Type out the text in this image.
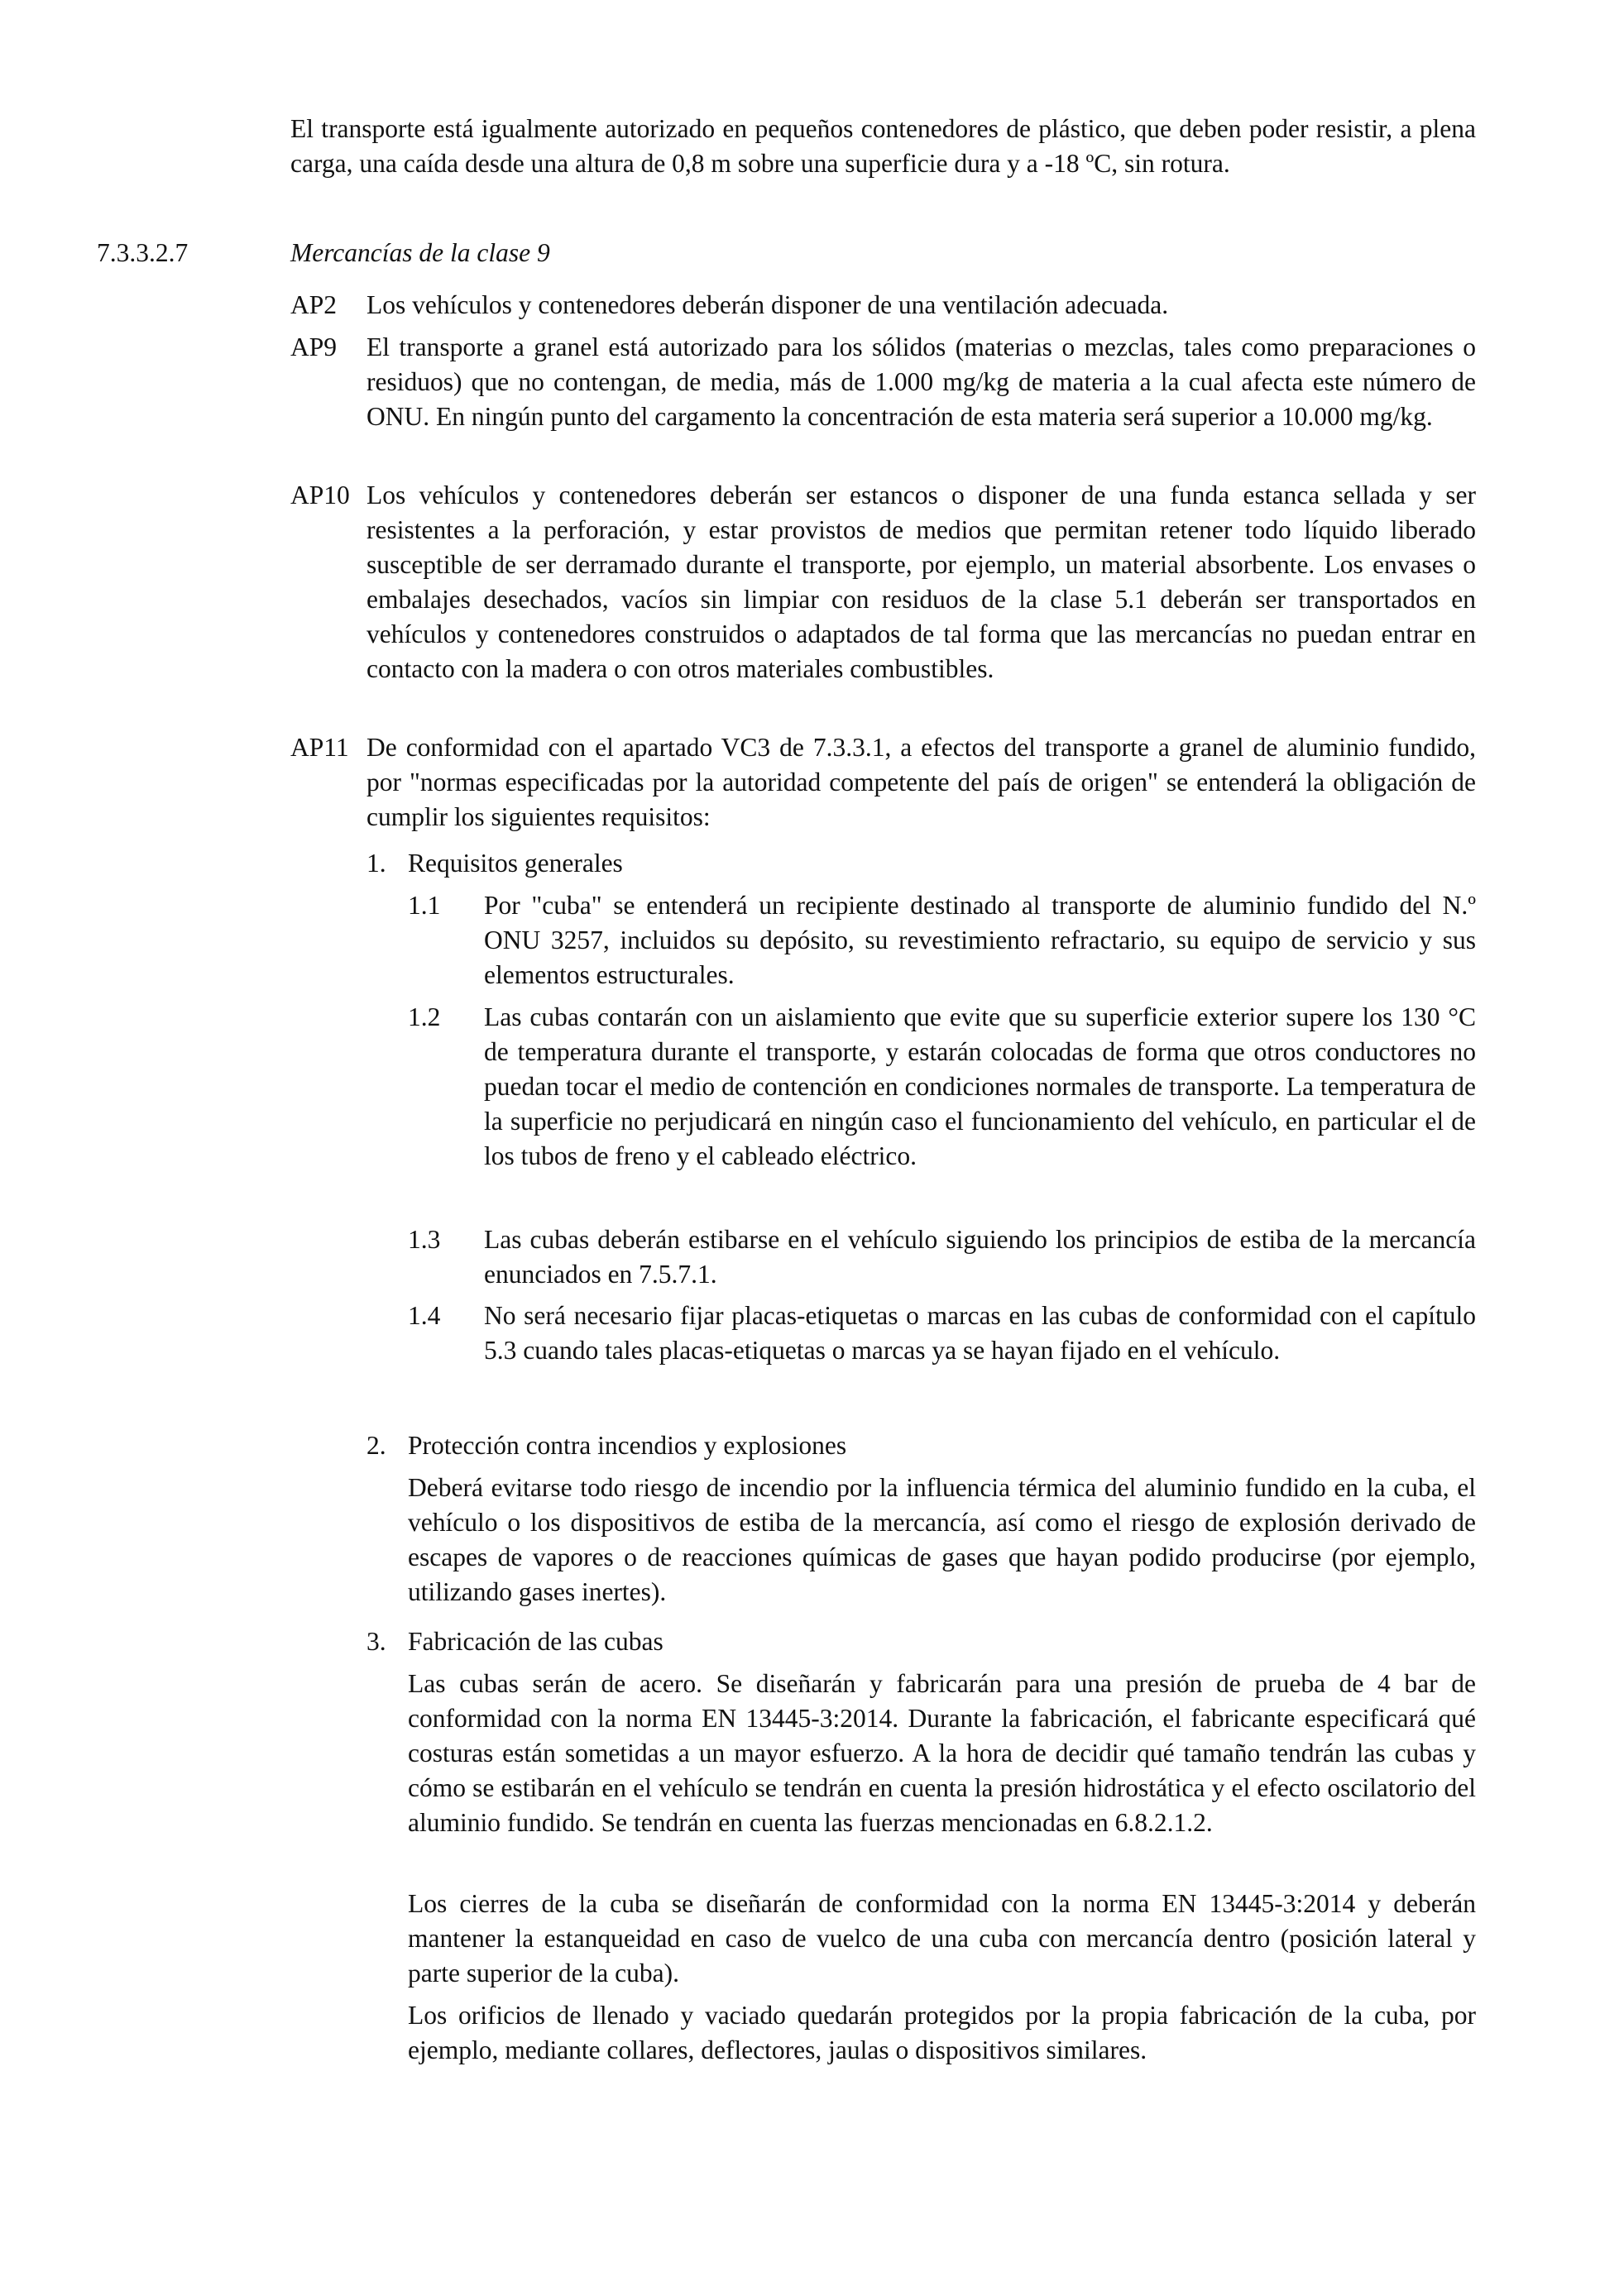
El transporte está igualmente autorizado en pequeños contenedores de plástico, que deben poder resistir, a plena carga, una caída desde una altura de 0,8 m sobre una superficie dura y a -18 ºC, sin rotura.

7.3.3.2.7	Mercancías de la clase 9
AP2 Los vehículos y contenedores deberán disponer de una ventilación adecuada.
AP9 El transporte a granel está autorizado para los sólidos (materias o mezclas, tales como preparaciones o residuos) que no contengan, de media, más de 1.000 mg/kg de materia a la cual afecta este número de ONU. En ningún punto del cargamento la concentración de esta materia será superior a 10.000 mg/kg.
AP10 Los vehículos y contenedores deberán ser estancos o disponer de una funda estanca sellada y ser resistentes a la perforación, y estar provistos de medios que permitan retener todo líquido liberado susceptible de ser derramado durante el transporte, por ejemplo, un material absorbente. Los envases o embalajes desechados, vacíos sin limpiar con residuos de la clase 5.1 deberán ser transportados en vehículos y contenedores construidos o adaptados de tal forma que las mercancías no puedan entrar en contacto con la madera o con otros materiales combustibles.
AP11 De conformidad con el apartado VC3 de 7.3.3.1, a efectos del transporte a granel de aluminio fundido, por "normas especificadas por la autoridad competente del país de origen" se entenderá la obligación de cumplir los siguientes requisitos:
1. Requisitos generales
1.1 Por "cuba" se entenderá un recipiente destinado al transporte de aluminio fundido del N.º ONU 3257, incluidos su depósito, su revestimiento refractario, su equipo de servicio y sus elementos estructurales.
1.2 Las cubas contarán con un aislamiento que evite que su superficie exterior supere los 130 °C de temperatura durante el transporte, y estarán colocadas de forma que otros conductores no puedan tocar el medio de contención en condiciones normales de transporte. La temperatura de la superficie no perjudicará en ningún caso el funcionamiento del vehículo, en particular el de los tubos de freno y el cableado eléctrico.
1.3 Las cubas deberán estibarse en el vehículo siguiendo los principios de estiba de la mercancía enunciados en 7.5.7.1.
1.4 No será necesario fijar placas-etiquetas o marcas en las cubas de conformidad con el capítulo 5.3 cuando tales placas-etiquetas o marcas ya se hayan fijado en el vehículo.
2. Protección contra incendios y explosiones

Deberá evitarse todo riesgo de incendio por la influencia térmica del aluminio fundido en la cuba, el vehículo o los dispositivos de estiba de la mercancía, así como el riesgo de explosión derivado de escapes de vapores o de reacciones químicas de gases que hayan podido producirse (por ejemplo, utilizando gases inertes).

3. Fabricación de las cubas

Las cubas serán de acero. Se diseñarán y fabricarán para una presión de prueba de 4 bar de conformidad con la norma EN 13445-3:2014. Durante la fabricación, el fabricante especificará qué costuras están sometidas a un mayor esfuerzo. A la hora de decidir qué tamaño tendrán las cubas y cómo se estibarán en el vehículo se tendrán en cuenta la presión hidrostática y el efecto oscilatorio del aluminio fundido. Se tendrán en cuenta las fuerzas mencionadas en 6.8.2.1.2.

Los cierres de la cuba se diseñarán de conformidad con la norma EN 13445-3:2014 y deberán mantener la estanqueidad en caso de vuelco de una cuba con mercancía dentro (posición lateral y parte superior de la cuba).

Los orificios de llenado y vaciado quedarán protegidos por la propia fabricación de la cuba, por ejemplo, mediante collares, deflectores, jaulas o dispositivos similares.
